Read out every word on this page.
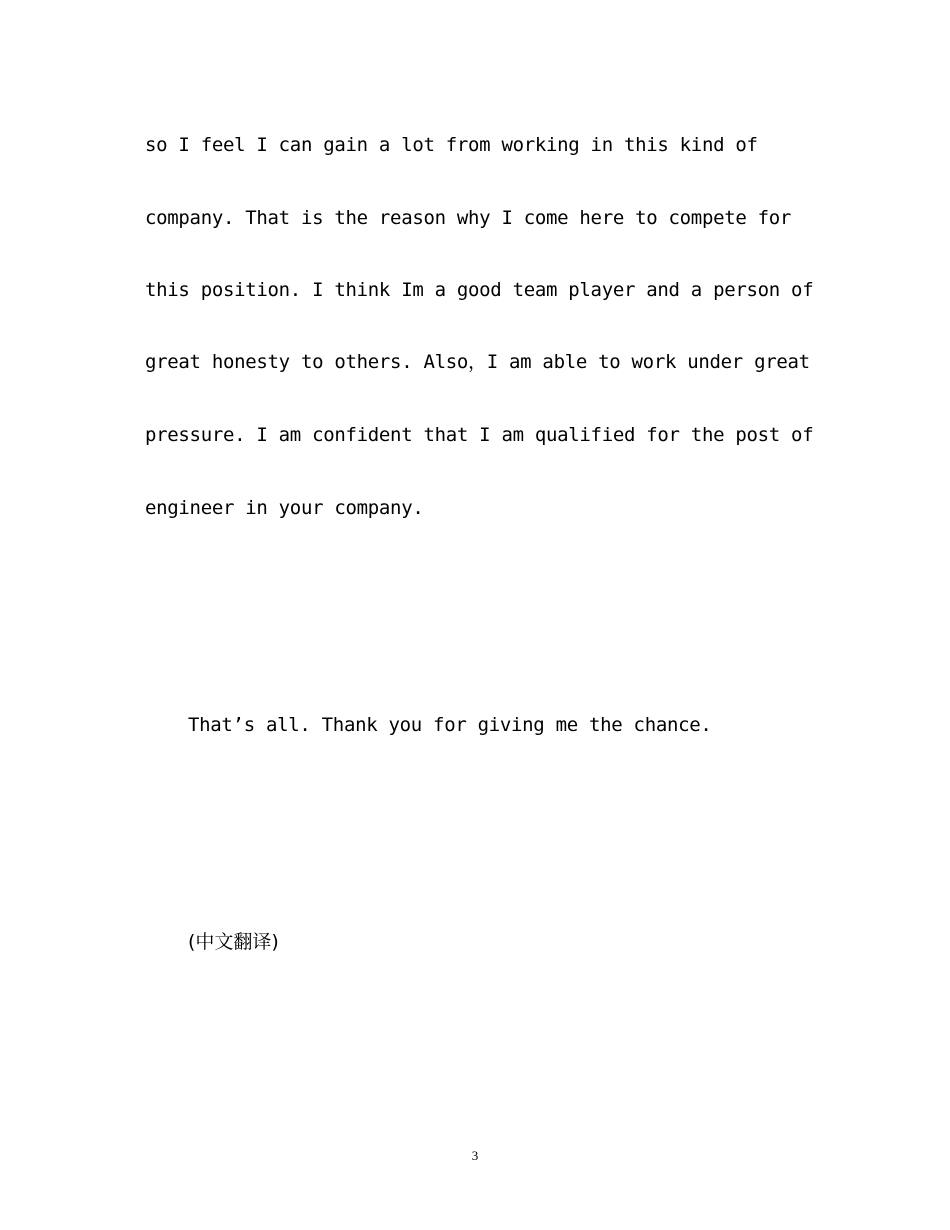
so I feel I can gain a lot from working in this kind of
company. That is the reason why I come here to compete for
this position. I think Im a good team player and a person of
great honesty to others. Also，I am able to work under great
pressure. I am confident that I am qualified for the post of
engineer in your company.
That’s all. Thank you for giving me the chance.
(中文翻译)
3
